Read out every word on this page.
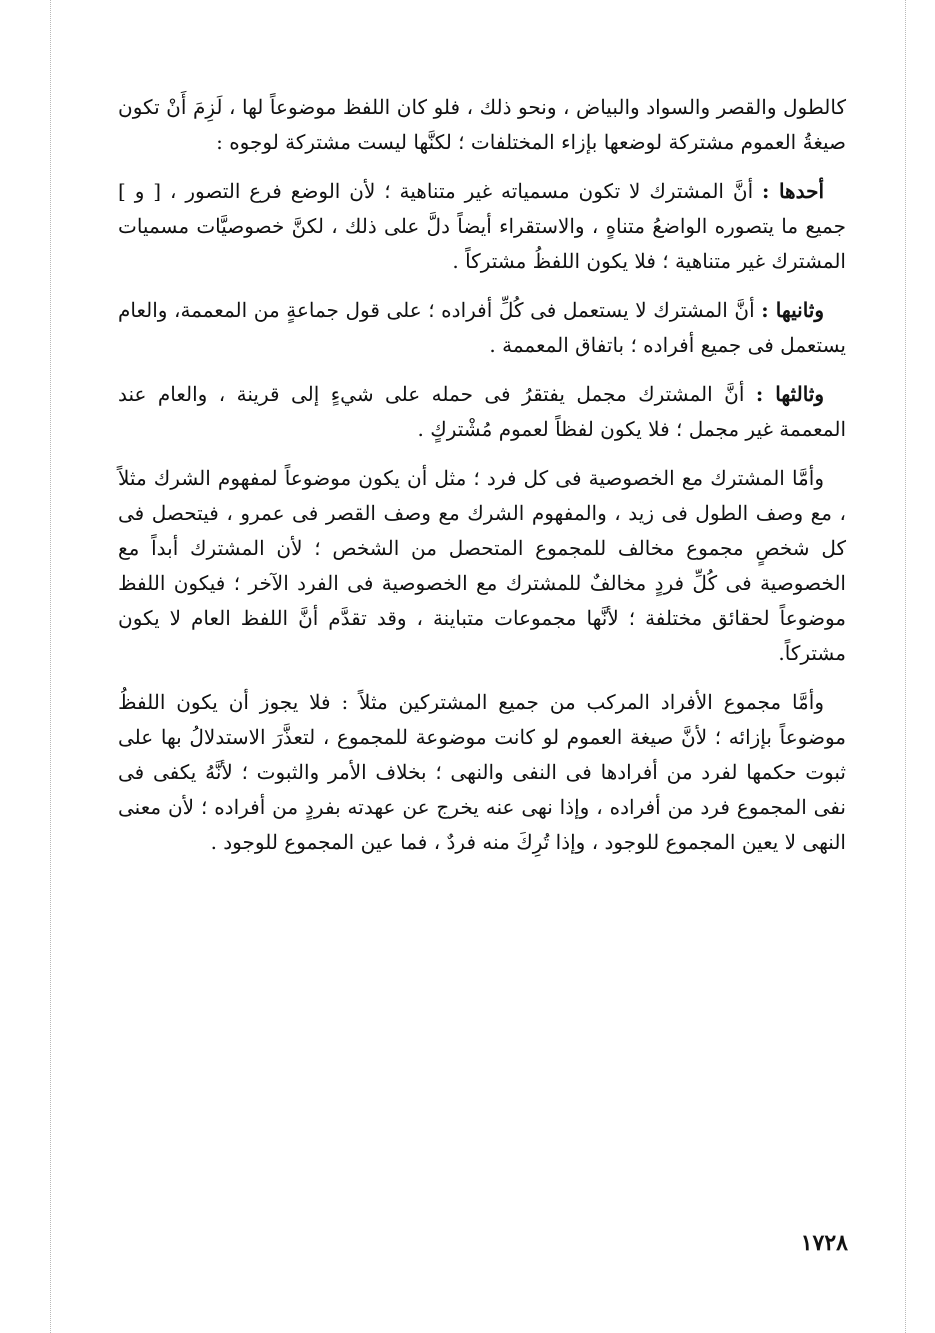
كالطول والقصر والسواد والبياض ، ونحو ذلك ، فلو كان اللفظ موضوعاً لها ، لَزِمَ أَنْ تكون صيغةُ العموم مشتركة لوضعها بإزاء المختلفات ؛ لكنَّها ليست مشتركة لوجوه :

أحدها : أنَّ المشترك لا تكون مسمياته غير متناهية ؛ لأن الوضع فرع التصور ، [ و ] جميع ما يتصوره الواضعُ متناهٍ ، والاستقراء أيضاً دلَّ على ذلك ، لكنَّ خصوصيَّات مسميات المشترك غير متناهية ؛ فلا يكون اللفظُ مشتركاً .

وثانيها : أنَّ المشترك لا يستعمل فى كُلِّ أفراده ؛ على قول جماعةٍ من المعممة، والعام يستعمل فى جميع أفراده ؛ باتفاق المعممة .

وثالثها : أنَّ المشترك مجمل يفتقرُ فى حمله على شيءٍ إلى قرينة ، والعام عند المعممة غير مجمل ؛ فلا يكون لفظاً لعموم مُشْتركٍ .

وأمَّا المشترك مع الخصوصية فى كل فرد ؛ مثل أن يكون موضوعاً لمفهوم الشرك مثلاً ، مع وصف الطول فى زيد ، والمفهوم الشرك مع وصف القصر فى عمرو ، فيتحصل فى كل شخصٍ مجموع مخالف للمجموع المتحصل من الشخص ؛ لأن المشترك أبداً مع الخصوصية فى كُلِّ فردٍ مخالفٌ للمشترك مع الخصوصية فى الفرد الآخر ؛ فيكون اللفظ موضوعاً لحقائق مختلفة ؛ لأنَّها مجموعات متباينة ، وقد تقدَّم أنَّ اللفظ العام لا يكون مشتركاً.

وأمَّا مجموع الأفراد المركب من جميع المشتركين مثلاً : فلا يجوز أن يكون اللفظُ موضوعاً بإزائه ؛ لأنَّ صيغة العموم لو كانت موضوعة للمجموع ، لتعذَّرَ الاستدلالُ بها على ثبوت حكمها لفرد من أفرادها فى النفى والنهى ؛ بخلاف الأمر والثبوت ؛ لأنَّهُ يكفى فى نفى المجموع فرد من أفراده ، وإذا نهى عنه يخرج عن عهدته بفردٍ من أفراده ؛ لأن معنى النهى لا يعين المجموع للوجود ، وإذا تُرِكَ منه فردٌ ، فما عين المجموع للوجود .

١٧٢٨
